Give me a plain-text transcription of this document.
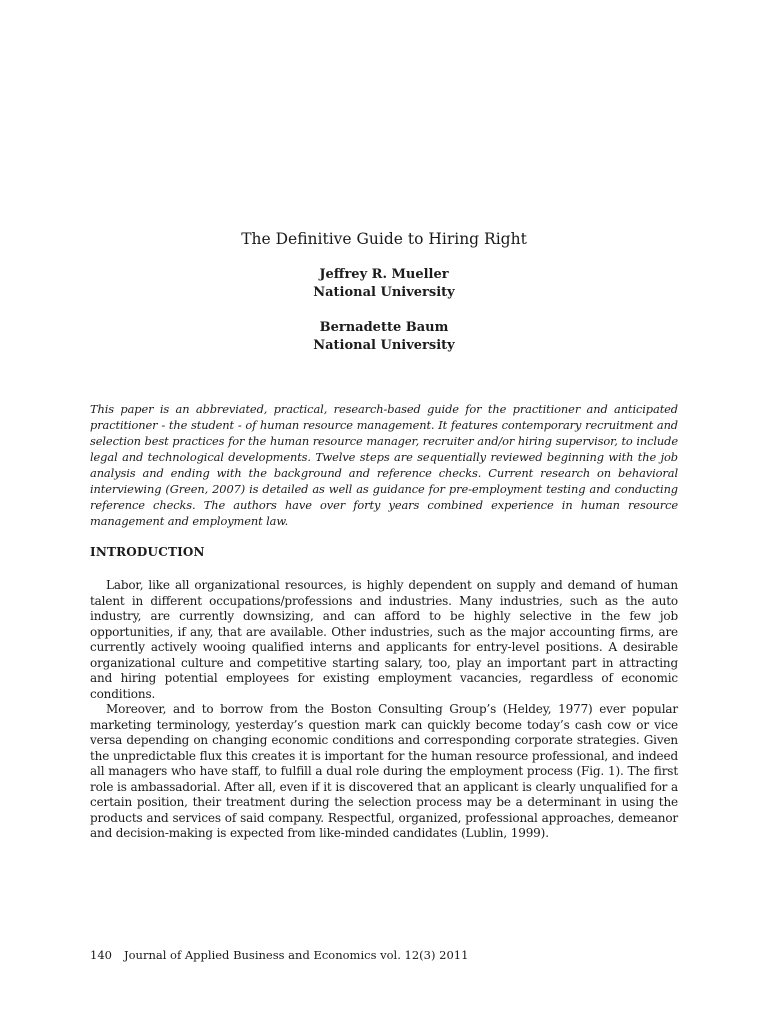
The Definitive Guide to Hiring Right
Jeffrey R. Mueller
National University
Bernadette Baum
National University
This paper is an abbreviated, practical, research-based guide for the practitioner and anticipated practitioner - the student - of human resource management. It features contemporary recruitment and selection best practices for the human resource manager, recruiter and/or hiring supervisor, to include legal and technological developments. Twelve steps are sequentially reviewed beginning with the job analysis and ending with the background and reference checks. Current research on behavioral interviewing (Green, 2007) is detailed as well as guidance for pre-employment testing and conducting reference checks. The authors have over forty years combined experience in human resource management and employment law.
INTRODUCTION

Labor, like all organizational resources, is highly dependent on supply and demand of human talent in different occupations/professions and industries. Many industries, such as the auto industry, are currently downsizing, and can afford to be highly selective in the few job opportunities, if any, that are available. Other industries, such as the major accounting firms, are currently actively wooing qualified interns and applicants for entry-level positions. A desirable organizational culture and competitive starting salary, too, play an important part in attracting and hiring potential employees for existing employment vacancies, regardless of economic conditions.

Moreover, and to borrow from the Boston Consulting Group’s (Heldey, 1977) ever popular marketing terminology, yesterday’s question mark can quickly become today’s cash cow or vice versa depending on changing economic conditions and corresponding corporate strategies. Given the unpredictable flux this creates it is important for the human resource professional, and indeed all managers who have staff, to fulfill a dual role during the employment process (Fig. 1). The first role is ambassadorial. After all, even if it is discovered that an applicant is clearly unqualified for a certain position, their treatment during the selection process may be a determinant in using the products and services of said company. Respectful, organized, professional approaches, demeanor and decision-making is expected from like-minded candidates (Lublin, 1999).

140 Journal of Applied Business and Economics vol. 12(3) 2011
